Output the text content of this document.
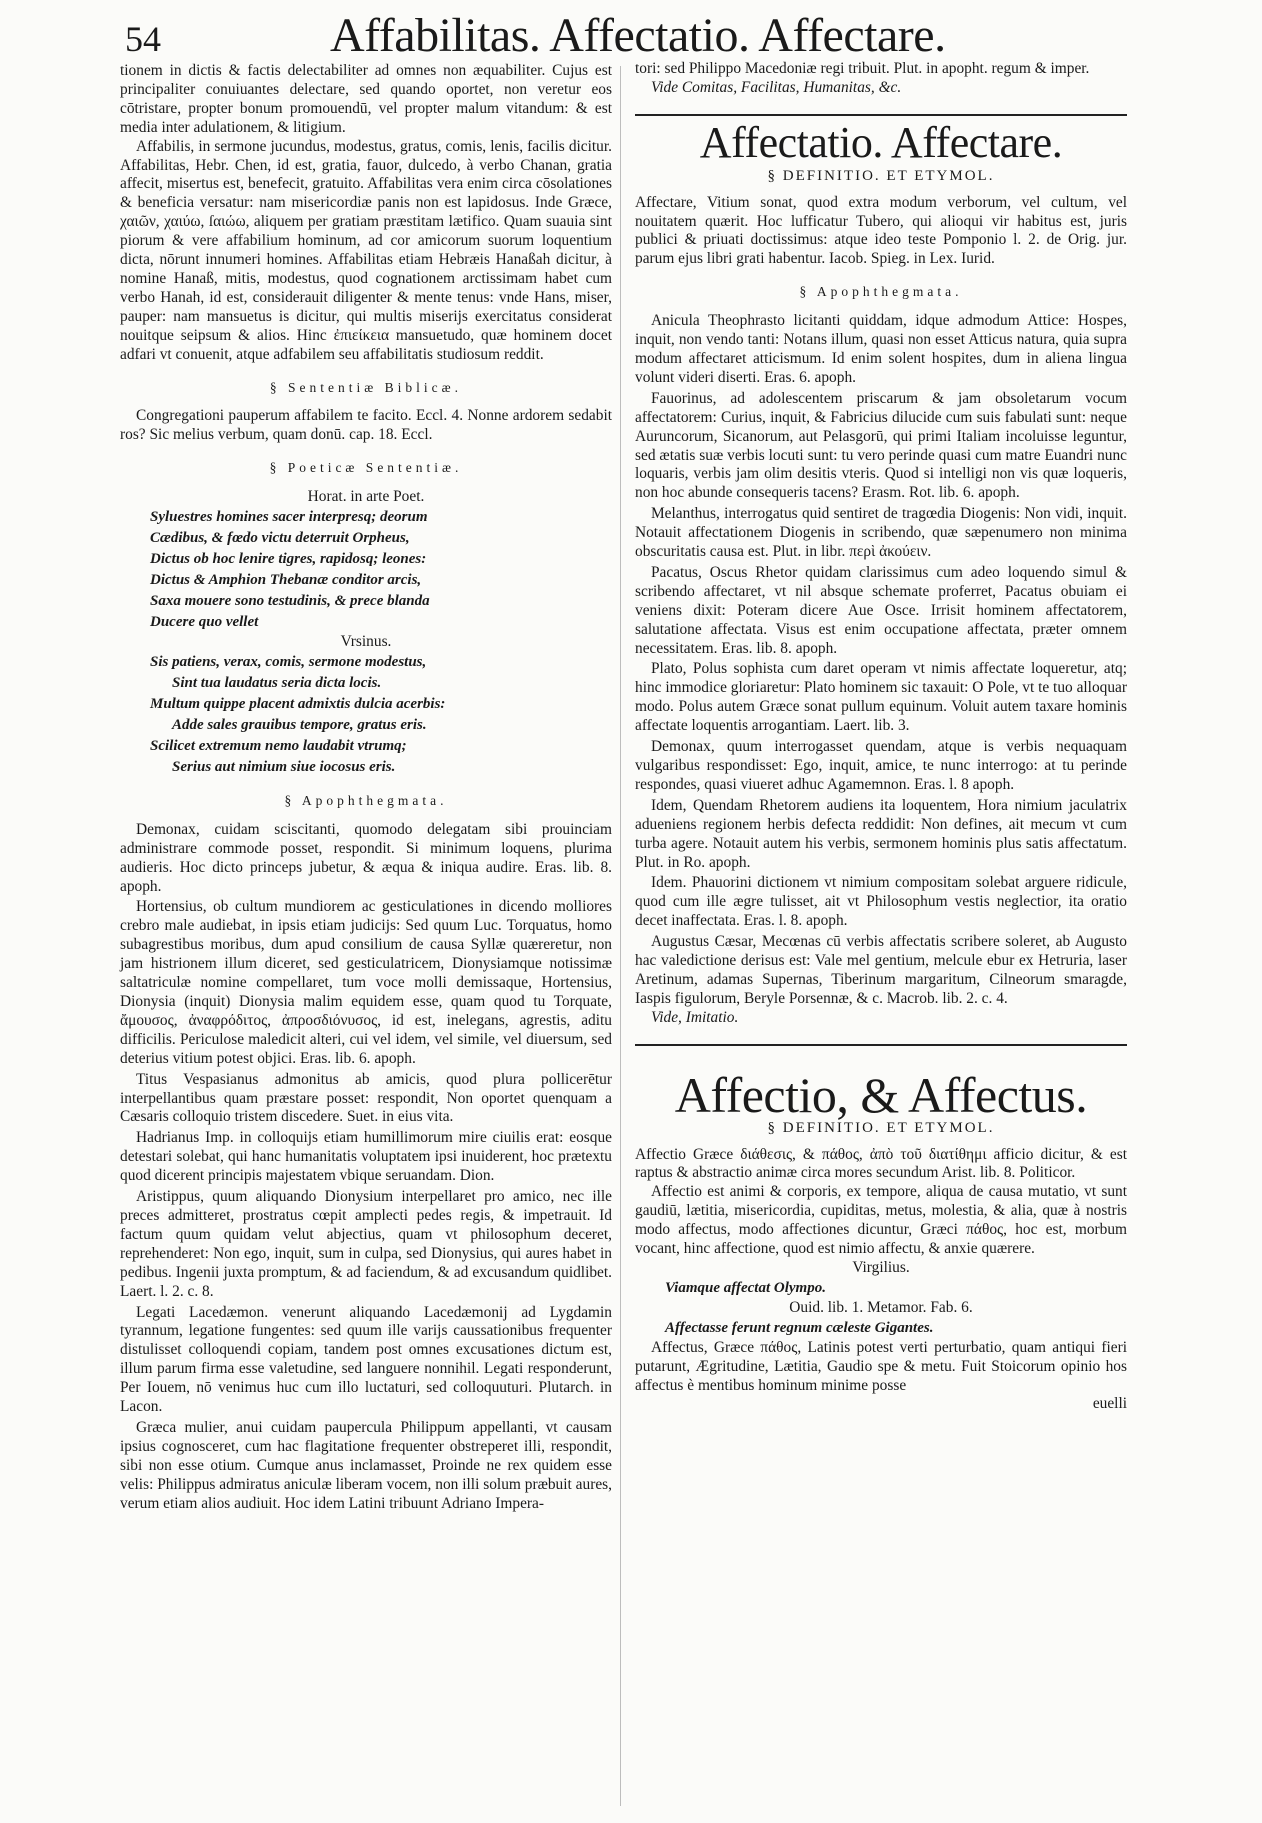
54	Affabilitas. Affectatio. Affectare.

tionem in dictis & factis delectabiliter ad omnes non æquabiliter. Cujus est principaliter conuiuantes delectare, sed quando oportet, non veretur eos cōtristare, propter bonum promouendū, vel propter malum vitandum: & est media inter adulationem, & litigium.

Affabilis, in sermone jucundus, modestus, gratus, comis, lenis, facilis dicitur. Affabilitas, Hebr. Chen, id est, gratia, fauor, dulcedo, à verbo Chanan, gratia affecit, misertus est, benefecit, gratuito. Affabilitas vera enim circa cōsolationes & beneficia versatur: nam misericordiæ panis non est lapidosus. Inde Græce, χαιῶν, χαιύω, ſαιώω, aliquem per gratiam præstitam lætifico. Quam suauia sint piorum & vere affabilium hominum, ad cor amicorum suorum loquentium dicta, nōrunt innumeri homines. Affabilitas etiam Hebræis Hanaßah dicitur, à nomine Hanaß, mitis, modestus, quod cognationem arctissimam habet cum verbo Hanah, id est, considerauit diligenter & mente tenus: vnde Hans, miser, pauper: nam mansuetus is dicitur, qui multis miserijs exercitatus considerat nouitque seipsum & alios. Hinc ἐπιείκεια mansuetudo, quæ hominem docet adfari vt conuenit, atque adfabilem seu affabilitatis studiosum reddit.

§ Sententiæ Biblicæ.

Congregationi pauperum affabilem te facito. Eccl. 4. Nonne ardorem sedabit ros? Sic melius verbum, quam donū. cap. 18. Eccl.

§ Poeticæ Sententiæ.
Horat. in arte Poet.
Syluestres homines sacer interpresq; deorum
Cædibus, & fœdo victu deterruit Orpheus,
Dictus ob hoc lenire tigres, rapidosq; leones:
Dictus & Amphion Thebanæ conditor arcis,
Saxa mouere sono testudinis, & prece blanda
Ducere quo vellet
Vrsinus.
Sis patiens, verax, comis, sermone modestus,
Sint tua laudatus seria dicta locis.
Multum quippe placent admixtis dulcia acerbis:
Adde sales grauibus tempore, gratus eris.
Scilicet extremum nemo laudabit vtrumq;
Serius aut nimium siue iocosus eris.
§ Apophthegmata.

Demonax, cuidam sciscitanti, quomodo delegatam sibi prouinciam administrare commode posset, respondit. Si minimum loquens, plurima audieris. Hoc dicto princeps jubetur, & æqua & iniqua audire. Eras. lib. 8. apoph.

Hortensius, ob cultum mundiorem ac gesticulationes in dicendo molliores crebro male audiebat, in ipsis etiam judicijs: Sed quum Luc. Torquatus, homo subagrestibus moribus, dum apud consilium de causa Syllæ quæreretur, non jam histrionem illum diceret, sed gesticulatricem, Dionysiamque notissimæ saltatriculæ nomine compellaret, tum voce molli demissaque, Hortensius, Dionysia (inquit) Dionysia malim equidem esse, quam quod tu Torquate, ἄμουσος, ἀναφρόδιτος, ἀπροσδιόνυσος, id est, inelegans, agrestis, aditu difficilis. Periculose maledicit alteri, cui vel idem, vel simile, vel diuersum, sed deterius vitium potest objici. Eras. lib. 6. apoph.

Titus Vespasianus admonitus ab amicis, quod plura pollicerētur interpellantibus quam præstare posset: respondit, Non oportet quenquam a Cæsaris colloquio tristem discedere. Suet. in eius vita.

Hadrianus Imp. in colloquijs etiam humillimorum mire ciuilis erat: eosque detestari solebat, qui hanc humanitatis voluptatem ipsi inuiderent, hoc prætextu quod dicerent principis majestatem vbique seruandam. Dion.

Aristippus, quum aliquando Dionysium interpellaret pro amico, nec ille preces admitteret, prostratus cœpit amplecti pedes regis, & impetrauit. Id factum quum quidam velut abjectius, quam vt philosophum deceret, reprehenderet: Non ego, inquit, sum in culpa, sed Dionysius, qui aures habet in pedibus. Ingenii juxta promptum, & ad faciendum, & ad excusandum quidlibet. Laert. l. 2. c. 8.

Legati Lacedæmon. venerunt aliquando Lacedæmonij ad Lygdamin tyrannum, legatione fungentes: sed quum ille varijs caussationibus frequenter distulisset colloquendi copiam, tandem post omnes excusationes dictum est, illum parum firma esse valetudine, sed languere nonnihil. Legati responderunt, Per Iouem, nō venimus huc cum illo luctaturi, sed colloquuturi. Plutarch. in Lacon.

Græca mulier, anui cuidam paupercula Philippum appellanti, vt causam ipsius cognosceret, cum hac flagitatione frequenter obstreperet illi, respondit, sibi non esse otium. Cumque anus inclamasset, Proinde ne rex quidem esse velis: Philippus admiratus aniculæ liberam vocem, non illi solum præbuit aures, verum etiam alios audiuit. Hoc idem Latini tribuunt Adriano Impera-

tori: sed Philippo Macedoniæ regi tribuit. Plut. in apopht. regum & imper.

Vide Comitas, Facilitas, Humanitas, &c.

Affectatio. Affectare.
§ DEFINITIO. ET ETYMOL.

Affectare, Vitium sonat, quod extra modum verborum, vel cultum, vel nouitatem quærit. Hoc lufficatur Tubero, qui alioqui vir habitus est, juris publici & priuati doctissimus: atque ideo teste Pomponio l. 2. de Orig. jur. parum ejus libri grati habentur. Iacob. Spieg. in Lex. Iurid.

§ Apophthegmata.

Anicula Theophrasto licitanti quiddam, idque admodum Attice: Hospes, inquit, non vendo tanti: Notans illum, quasi non esset Atticus natura, quia supra modum affectaret atticismum. Id enim solent hospites, dum in aliena lingua volunt videri diserti. Eras. 6. apoph.

Fauorinus, ad adolescentem priscarum & jam obsoletarum vocum affectatorem: Curius, inquit, & Fabricius dilucide cum suis fabulati sunt: neque Auruncorum, Sicanorum, aut Pelasgorū, qui primi Italiam incoluisse leguntur, sed ætatis suæ verbis locuti sunt: tu vero perinde quasi cum matre Euandri nunc loquaris, verbis jam olim desitis vteris. Quod si intelligi non vis quæ loqueris, non hoc abunde consequeris tacens? Erasm. Rot. lib. 6. apoph.

Melanthus, interrogatus quid sentiret de tragœdia Diogenis: Non vidi, inquit. Notauit affectationem Diogenis in scribendo, quæ sæpenumero non minima obscuritatis causa est. Plut. in libr. περὶ ἀκούειν.

Pacatus, Oscus Rhetor quidam clarissimus cum adeo loquendo simul & scribendo affectaret, vt nil absque schemate proferret, Pacatus obuiam ei veniens dixit: Poteram dicere Aue Osce. Irrisit hominem affectatorem, salutatione affectata. Visus est enim occupatione affectata, præter omnem necessitatem. Eras. lib. 8. apoph.

Plato, Polus sophista cum daret operam vt nimis affectate loqueretur, atq; hinc immodice gloriaretur: Plato hominem sic taxauit: O Pole, vt te tuo alloquar modo. Polus autem Græce sonat pullum equinum. Voluit autem taxare hominis affectate loquentis arrogantiam. Laert. lib. 3.

Demonax, quum interrogasset quendam, atque is verbis nequaquam vulgaribus respondisset: Ego, inquit, amice, te nunc interrogo: at tu perinde respondes, quasi viueret adhuc Agamemnon. Eras. l. 8 apoph.

Idem, Quendam Rhetorem audiens ita loquentem, Hora nimium jaculatrix adueniens regionem herbis defecta reddidit: Non defines, ait mecum vt cum turba agere. Notauit autem his verbis, sermonem hominis plus satis affectatum. Plut. in Ro. apoph.

Idem. Phauorini dictionem vt nimium compositam solebat arguere ridicule, quod cum ille ægre tulisset, ait vt Philosophum vestis neglectior, ita oratio decet inaffectata. Eras. l. 8. apoph.

Augustus Cæsar, Mecœnas cū verbis affectatis scribere soleret, ab Augusto hac valedictione derisus est: Vale mel gentium, melcule ebur ex Hetruria, laser Aretinum, adamas Supernas, Tiberinum margaritum, Cilneorum smaragde, Iaspis figulorum, Beryle Porsennæ, & c. Macrob. lib. 2. c. 4.

Vide, Imitatio.

Affectio, & Affectus.
§ DEFINITIO. ET ETYMOL.

Affectio Græce διάθεσις, & πάθος, ἀπὸ τοῦ διατίθημι afficio dicitur, & est raptus & abstractio animæ circa mores secundum Arist. lib. 8. Politicor.

Affectio est animi & corporis, ex tempore, aliqua de causa mutatio, vt sunt gaudiū, lætitia, misericordia, cupiditas, metus, molestia, & alia, quæ à nostris modo affectus, modo affectiones dicuntur, Græci πάθος, hoc est, morbum vocant, hinc affectione, quod est nimio affectu, & anxie quærere.

Virgilius.
Viamque affectat Olympo.
Ouid. lib. 1. Metamor. Fab. 6.
Affectasse ferunt regnum cæleste Gigantes.

Affectus, Græce πάθος, Latinis potest verti perturbatio, quam antiqui fieri putarunt, Ægritudine, Lætitia, Gaudio spe & metu. Fuit Stoicorum opinio hos affectus è mentibus hominum minime posse

euelli
